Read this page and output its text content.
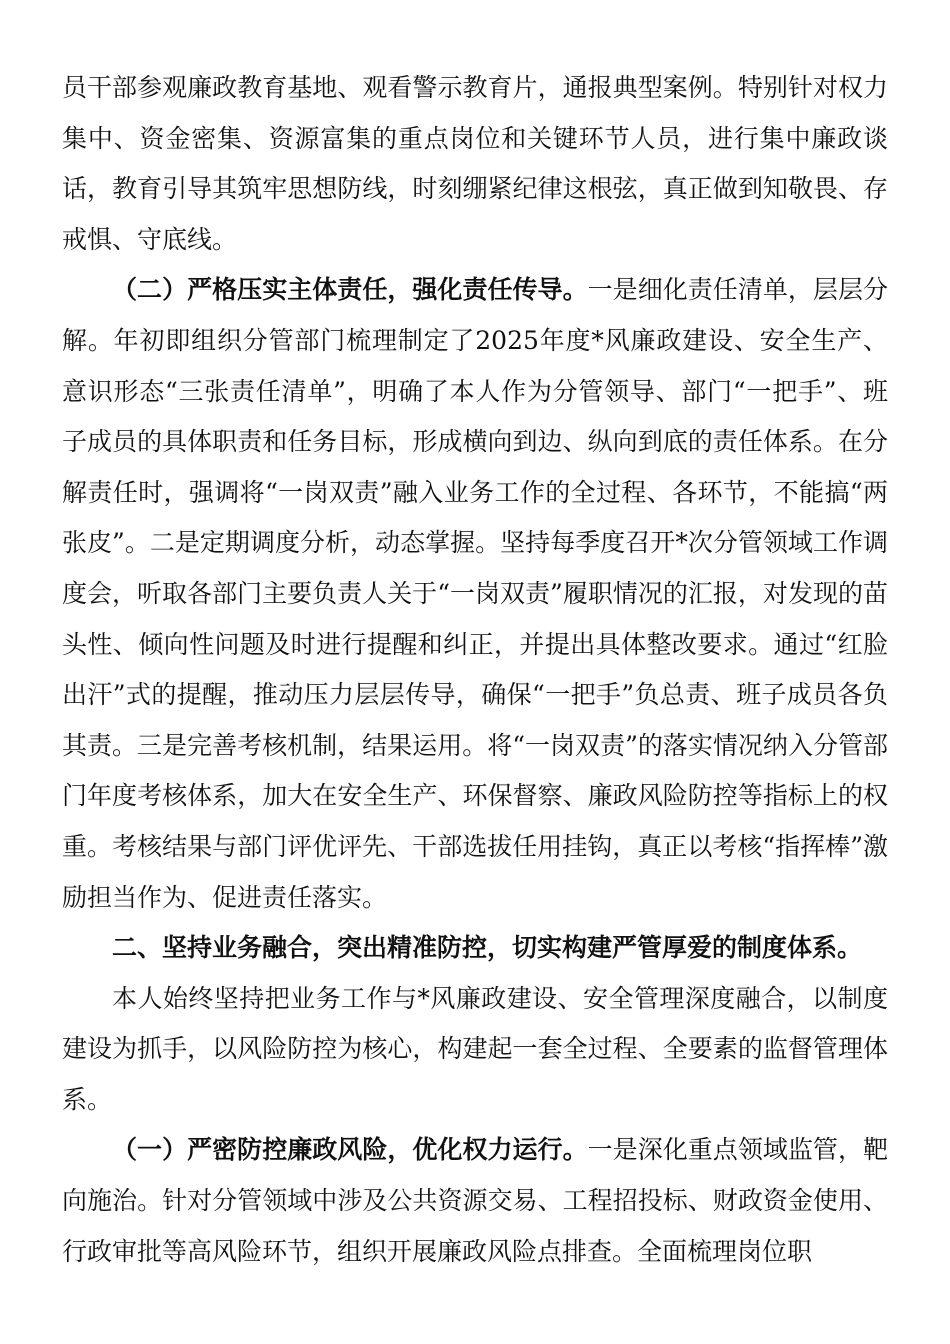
员干部参观廉政教育基地、观看警示教育片，通报典型案例。特别针对权力集中、资金密集、资源富集的重点岗位和关键环节人员，进行集中廉政谈话，教育引导其筑牢思想防线，时刻绷紧纪律这根弦，真正做到知敬畏、存戒惧、守底线。

（二）严格压实主体责任，强化责任传导。一是细化责任清单，层层分解。年初即组织分管部门梳理制定了2025年度*风廉政建设、安全生产、意识形态“三张责任清单”，明确了本人作为分管领导、部门“一把手”、班子成员的具体职责和任务目标，形成横向到边、纵向到底的责任体系。在分解责任时，强调将“一岗双责”融入业务工作的全过程、各环节，不能搞“两张皮”。二是定期调度分析，动态掌握。坚持每季度召开*次分管领域工作调度会，听取各部门主要负责人关于“一岗双责”履职情况的汇报，对发现的苗头性、倾向性问题及时进行提醒和纠正，并提出具体整改要求。通过“红脸出汗”式的提醒，推动压力层层传导，确保“一把手”负总责、班子成员各负其责。三是完善考核机制，结果运用。将“一岗双责”的落实情况纳入分管部门年度考核体系，加大在安全生产、环保督察、廉政风险防控等指标上的权重。考核结果与部门评优评先、干部选拔任用挂钩，真正以考核“指挥棒”激励担当作为、促进责任落实。

二、坚持业务融合，突出精准防控，切实构建严管厚爱的制度体系。

本人始终坚持把业务工作与*风廉政建设、安全管理深度融合，以制度建设为抓手，以风险防控为核心，构建起一套全过程、全要素的监督管理体系。

（一）严密防控廉政风险，优化权力运行。一是深化重点领域监管，靶向施治。针对分管领域中涉及公共资源交易、工程招投标、财政资金使用、行政审批等高风险环节，组织开展廉政风险点排查。全面梳理岗位职
